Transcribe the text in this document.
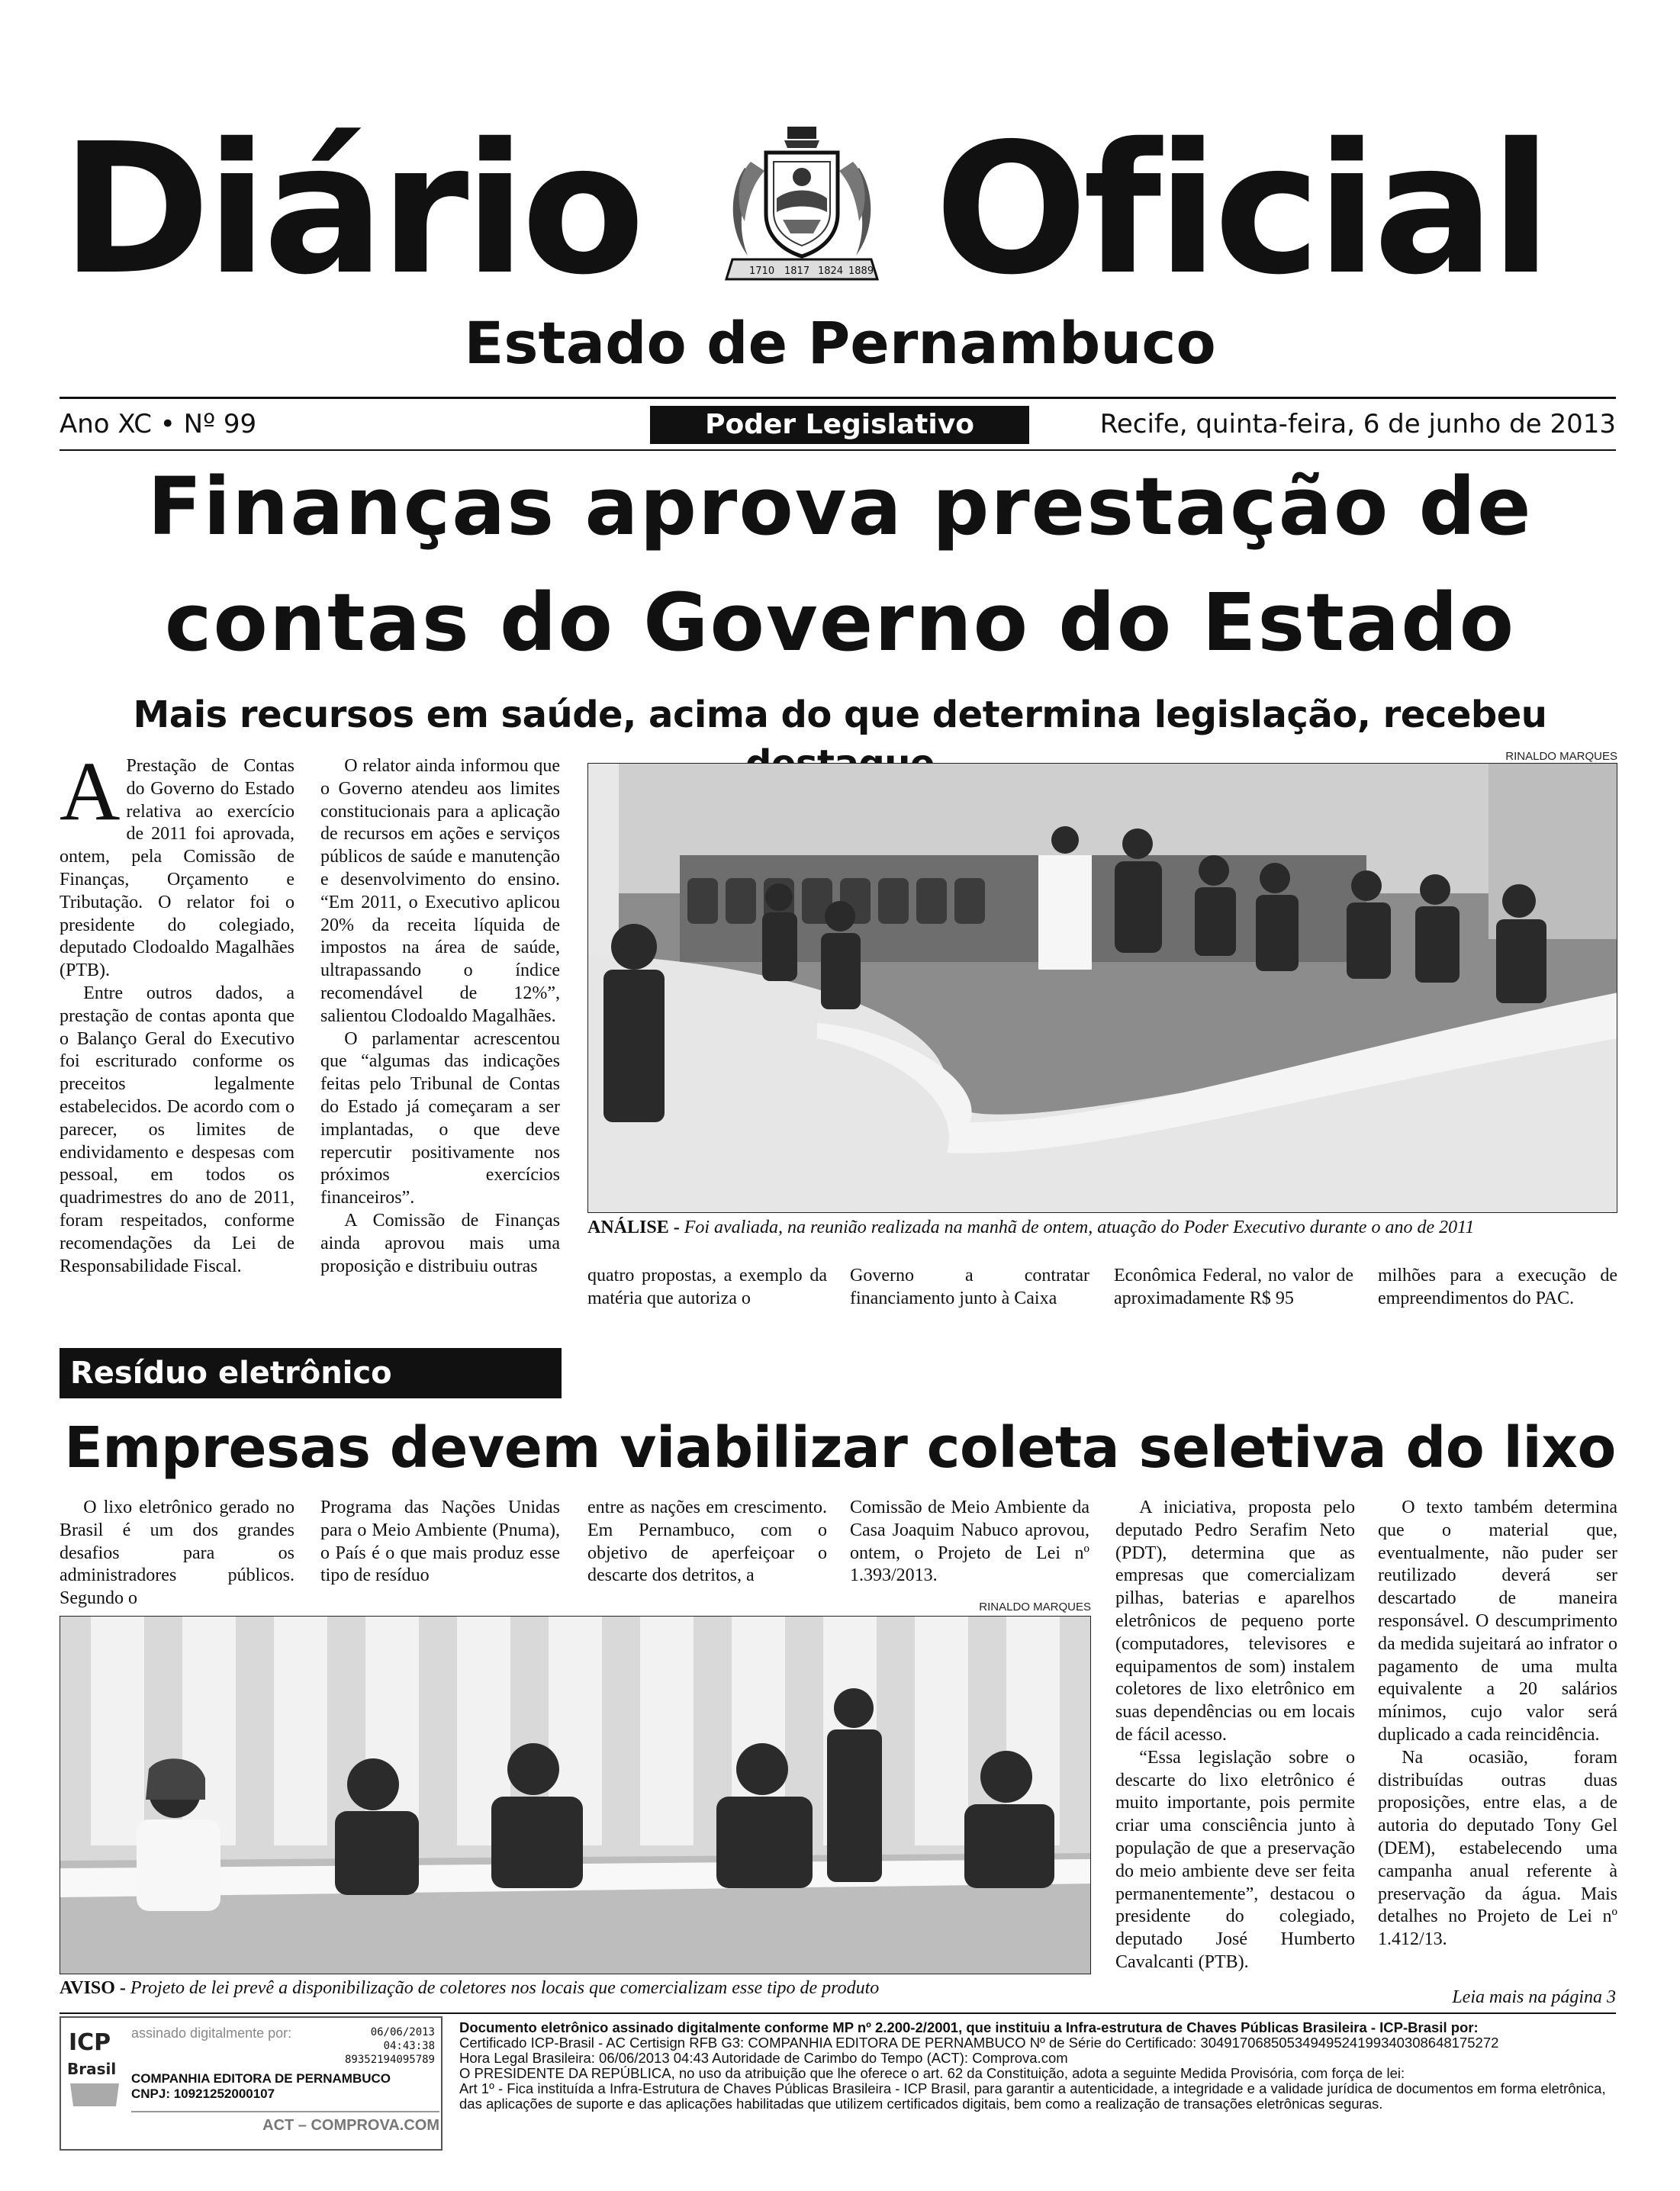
Diário	1710 1817 1824 1889 Oficial
Estado de Pernambuco
Ano XC • Nº 99	Poder Legislativo	Recife, quinta-feira, 6 de junho de 2013
Finanças aprova prestação de
contas do Governo do Estado
Mais recursos em saúde, acima do que determina legislação, recebeu

A Prestação de Contas do Governo do Estado relativa ao exercício de 2011 foi aprovada, ontem, pela Comissão de Finanças, Orçamento e Tributação. O relator foi o presidente do colegiado, deputado Clodoaldo Magalhães (PTB).

Entre outros dados, a prestação de contas aponta que o Balanço Geral do Executivo foi escriturado conforme os preceitos legalmente estabelecidos. De acordo com o parecer, os limites de endividamento e despesas com pessoal, em todos os quadrimestres do ano de 2011, foram respeitados, conforme recomendações da Lei de Responsabilidade Fiscal.

O relator ainda informou que o Governo atendeu aos limites constitucionais para a aplicação de recursos em ações e serviços públicos de saúde e manutenção e desenvolvimento do ensino. “Em 2011, o Executivo aplicou 20% da receita líquida de impostos na área de saúde, ultrapassando o índice recomendável de 12%”, salientou Clodoaldo Magalhães.

O parlamentar acrescentou que “algumas das indicações feitas pelo Tribunal de Contas do Estado já começaram a ser implantadas, o que deve repercutir positivamente nos próximos exercícios financeiros”.

A Comissão de Finanças ainda aprovou mais uma proposição e distribuiu outras

RINALDO MARQUES
ANÁLISE - Foi avaliada, na reunião realizada na manhã de ontem, atuação do Poder Executivo durante o ano de 2011

quatro propostas, a exemplo da matéria que autoriza o

Governo a contratar financiamento junto à Caixa

Econômica Federal, no valor de aproximadamente R$ 95

milhões para a execução de empreendimentos do PAC.

Resíduo eletrônico
Empresas devem viabilizar coleta seletiva do lixo

O lixo eletrônico gerado no Brasil é um dos grandes desafios para os administradores públicos. Segundo o

Programa das Nações Unidas para o Meio Ambiente (Pnuma), o País é o que mais produz esse tipo de resíduo

entre as nações em crescimento. Em Pernambuco, com o objetivo de aperfeiçoar o descarte dos detritos, a

Comissão de Meio Ambiente da Casa Joaquim Nabuco aprovou, ontem, o Projeto de Lei nº 1.393/2013.

RINALDO MARQUES
AVISO - Projeto de lei prevê a disponibilização de coletores nos locais que comercializam esse tipo de produto

A iniciativa, proposta pelo deputado Pedro Serafim Neto (PDT), determina que as empresas que comercializam pilhas, baterias e aparelhos eletrônicos de pequeno porte (computadores, televisores e equipamentos de som) instalem coletores de lixo eletrônico em suas dependências ou em locais de fácil acesso.

“Essa legislação sobre o descarte do lixo eletrônico é muito importante, pois permite criar uma consciência junto à população de que a preservação do meio ambiente deve ser feita permanentemente”, destacou o presidente do colegiado, deputado José Humberto Cavalcanti (PTB).

O texto também determina que o material que, eventualmente, não puder ser reutilizado deverá ser descartado de maneira responsável. O descumprimento da medida sujeitará ao infrator o pagamento de uma multa equivalente a 20 salários mínimos, cujo valor será duplicado a cada reincidência.

Na ocasião, foram distribuídas outras duas proposições, entre elas, a de autoria do deputado Tony Gel (DEM), estabelecendo uma campanha anual referente à preservação da água. Mais detalhes no Projeto de Lei nº 1.412/13.

Leia mais na página 3
ICP
Brasil
assinado digitalmente por:	06/06/2013
04:43:38
89352194095789
COMPANHIA EDITORA DE PERNAMBUCO
CNPJ: 10921252000107
ACT – COMPROVA.COM
Documento eletrônico assinado digitalmente conforme MP nº 2.200-2/2001, que instituiu a Infra-estrutura de Chaves Públicas Brasileira - ICP-Brasil por:
Certificado ICP-Brasil - AC Certisign RFB G3: COMPANHIA EDITORA DE PERNAMBUCO Nº de Série do Certificado: 3049170685053494952419934030864817527​2
Hora Legal Brasileira: 06/06/2013 04:43 Autoridade de Carimbo do Tempo (ACT): Comprova.com
O PRESIDENTE DA REPÚBLICA, no uso da atribuição que lhe oferece o art. 62 da Constituição, adota a seguinte Medida Provisória, com força de lei:
Art 1º - Fica instituída a Infra-Estrutura de Chaves Públicas Brasileira - ICP Brasil, para garantir a autenticidade, a integridade e a validade jurídica de documentos em forma eletrônica,
das aplicações de suporte e das aplicações habilitadas que utilizem certificados digitais, bem como a realização de transações eletrônicas seguras.
